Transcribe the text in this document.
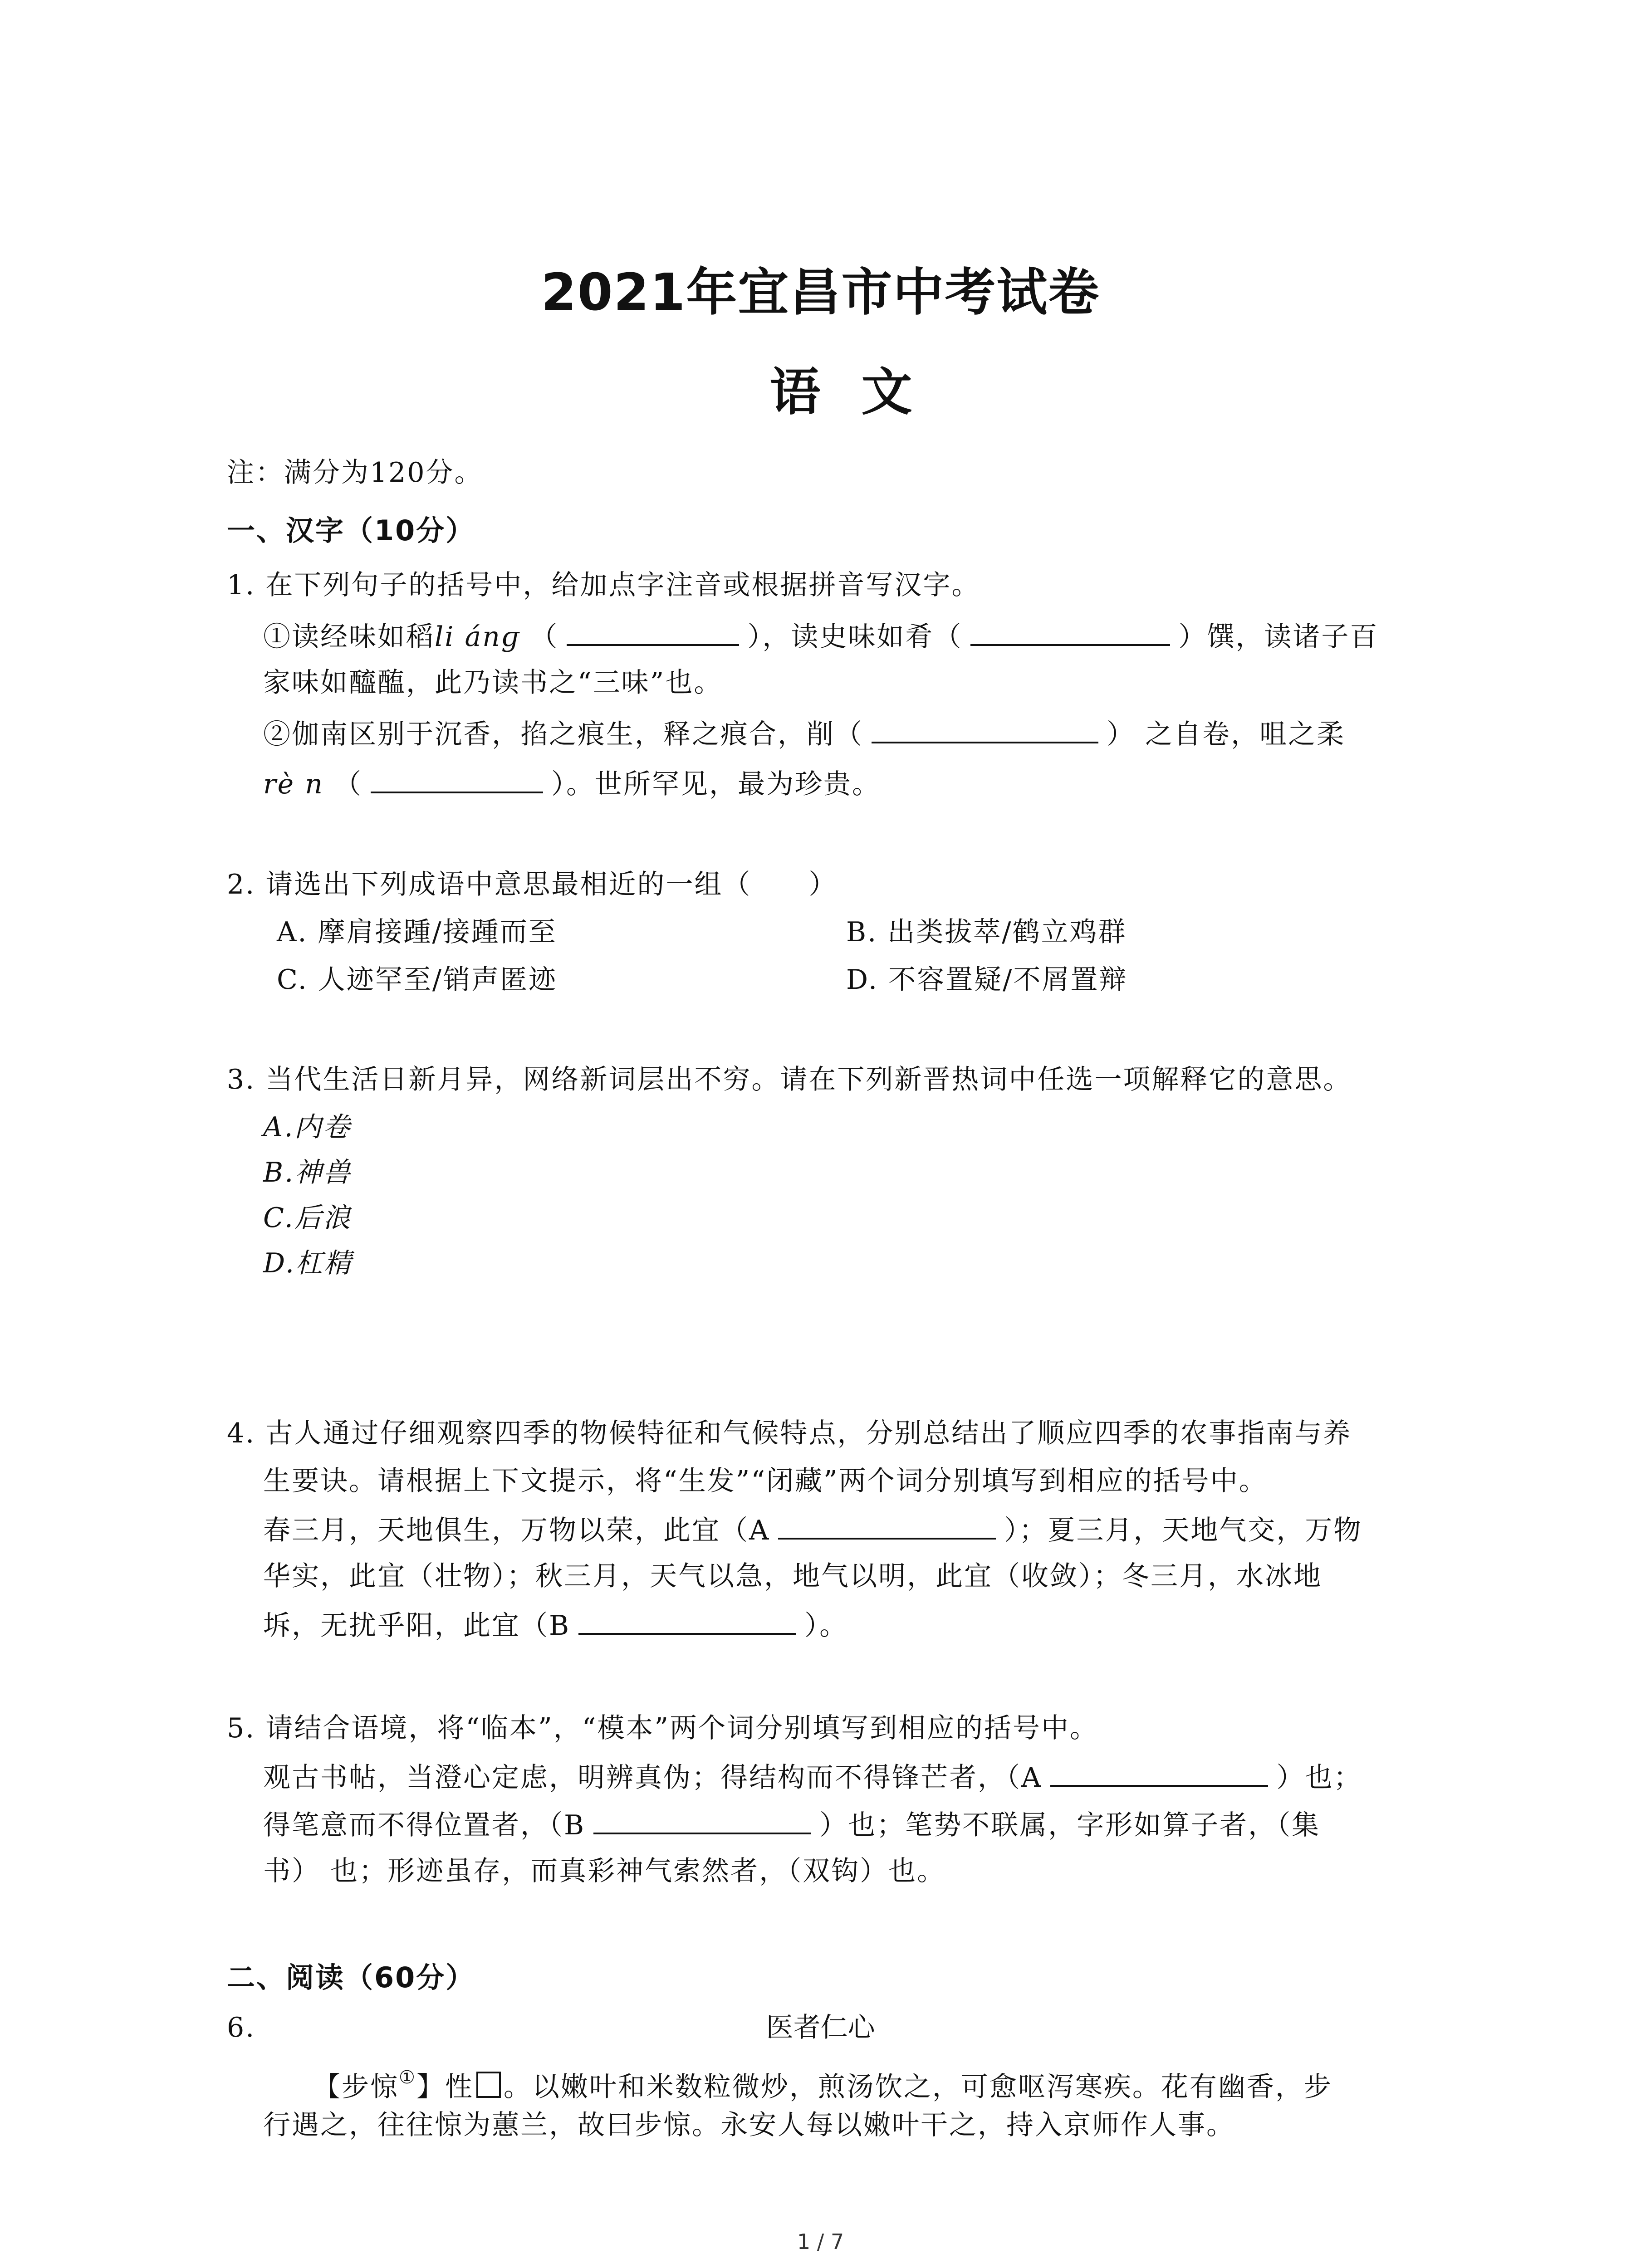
2021年宜昌市中考试卷
语文
注：满分为120分。
一、汉字（10分）
1. 在下列句子的括号中，给加点字注音或根据拼音写汉字。
①读经味如稻li ánɡ （	），读史味如肴（	）馔，读诸子百
家味如醯醢，此乃读书之“三味”也。
②伽南区别于沉香，掐之痕生，释之痕合，削（	） 之自卷，咀之柔
rè n （	）。世所罕见，最为珍贵。
2. 请选出下列成语中意思最相近的一组（　　）
A. 摩肩接踵/接踵而至	B. 出类拔萃/鹤立鸡群
C. 人迹罕至/销声匿迹	D. 不容置疑/不屑置辩
3. 当代生活日新月异，网络新词层出不穷。请在下列新晋热词中任选一项解释它的意思。
A.内卷
B.神兽
C.后浪
D.杠精
4. 古人通过仔细观察四季的物候特征和气候特点，分别总结出了顺应四季的农事指南与养
生要诀。请根据上下文提示，将“生发”“闭藏”两个词分别填写到相应的括号中。
春三月，天地俱生，万物以荣，此宜（A	）；夏三月，天地气交，万物
华实，此宜（壮物）；秋三月，天气以急，地气以明，此宜（收敛）；冬三月，水冰地
坼，无扰乎阳，此宜（B	）。
5. 请结合语境，将“临本”，“模本”两个词分别填写到相应的括号中。
观古书帖，当澄心定虑，明辨真伪；得结构而不得锋芒者，（A	）也；
得笔意而不得位置者，（B	）也；笔势不联属，字形如算子者，（集
书） 也；形迹虽存，而真彩神气索然者，（双钩）也。
二、阅读（60分）
6.	医者仁心
【步惊①】性 。以嫩叶和米数粒微炒，煎汤饮之，可愈呕泻寒疾。花有幽香，步
行遇之，往往惊为蕙兰，故曰步惊。永安人每以嫩叶干之，持入京师作人事。
1 / 7
